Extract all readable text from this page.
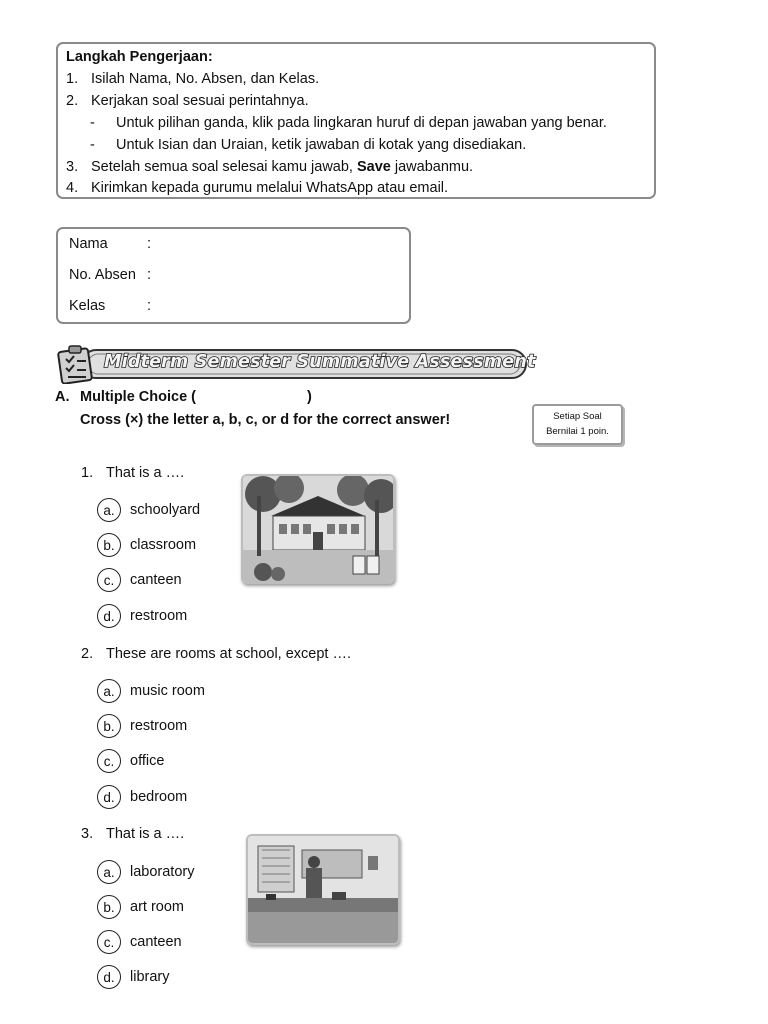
Langkah Pengerjaan:
1. Isilah Nama, No. Absen, dan Kelas.
2. Kerjakan soal sesuai perintahnya.
- Untuk pilihan ganda, klik pada lingkaran huruf di depan jawaban yang benar.
- Untuk Isian dan Uraian, ketik jawaban di kotak yang disediakan.
3. Setelah semua soal selesai kamu jawab, Save jawabanmu.
4. Kirimkan kepada gurumu melalui WhatsApp atau email.
Nama	:
No. Absen :
Kelas	:
Midterm Semester Summative Assessment
A. Multiple Choice (	)
Cross (×) the letter a, b, c, or d for the correct answer!	Setiap Soal
Bernilai 1 poin.
1. That is a ….
a.	schoolyard
b.	classroom
c.	canteen
d.	restroom
2. These are rooms at school, except ….
a.	music room
b.	restroom
c.	office
d.	bedroom
3. That is a ….
a.	laboratory
b.	art room
c.	canteen
d.	library
